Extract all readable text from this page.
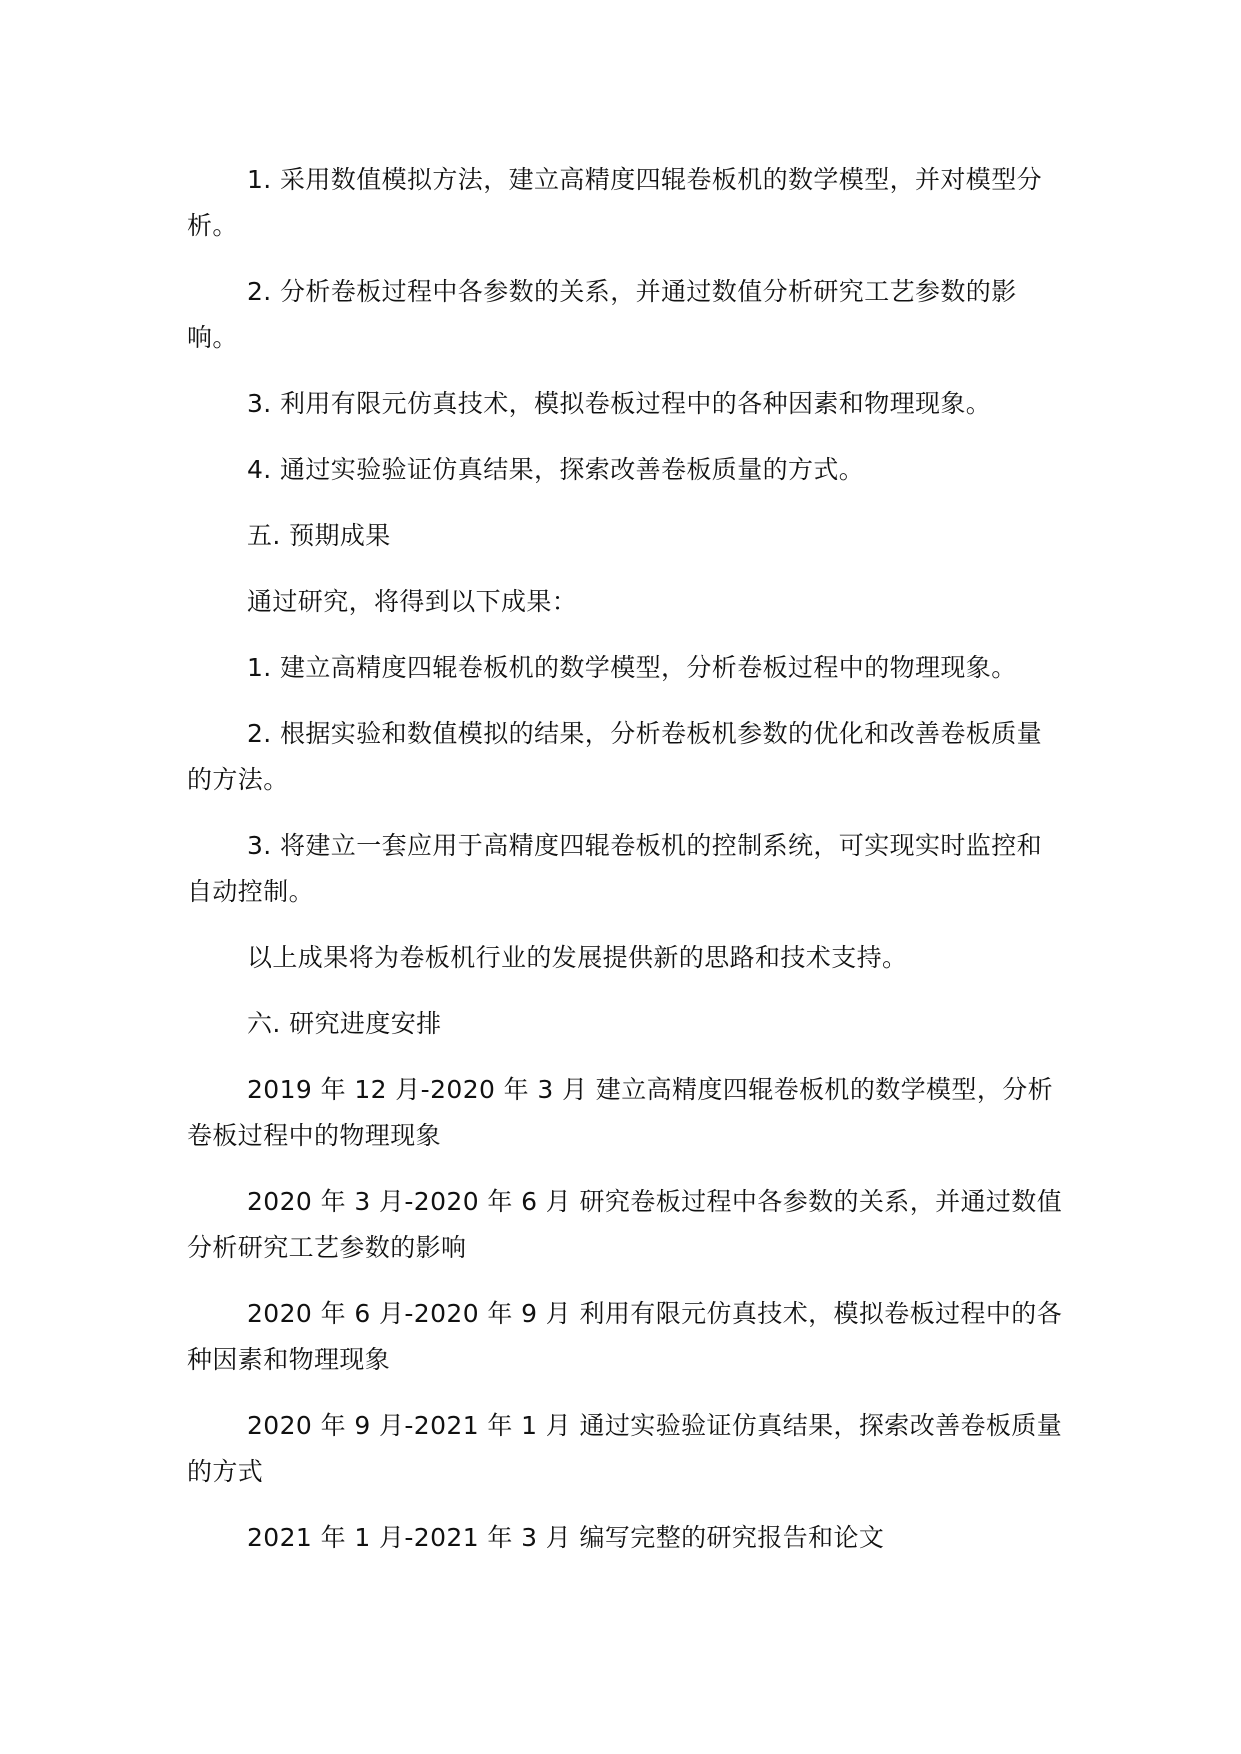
1. 采用数值模拟方法，建立高精度四辊卷板机的数学模型，并对模型分析。

2. 分析卷板过程中各参数的关系，并通过数值分析研究工艺参数的影响。

3. 利用有限元仿真技术，模拟卷板过程中的各种因素和物理现象。

4. 通过实验验证仿真结果，探索改善卷板质量的方式。

五. 预期成果

通过研究，将得到以下成果：

1. 建立高精度四辊卷板机的数学模型，分析卷板过程中的物理现象。

2. 根据实验和数值模拟的结果，分析卷板机参数的优化和改善卷板质量的方法。

3. 将建立一套应用于高精度四辊卷板机的控制系统，可实现实时监控和自动控制。

以上成果将为卷板机行业的发展提供新的思路和技术支持。

六. 研究进度安排

2019 年 12 月-2020 年 3 月 建立高精度四辊卷板机的数学模型，分析卷板过程中的物理现象

2020 年 3 月-2020 年 6 月 研究卷板过程中各参数的关系，并通过数值分析研究工艺参数的影响

2020 年 6 月-2020 年 9 月 利用有限元仿真技术，模拟卷板过程中的各种因素和物理现象

2020 年 9 月-2021 年 1 月 通过实验验证仿真结果，探索改善卷板质量的方式

2021 年 1 月-2021 年 3 月 编写完整的研究报告和论文
